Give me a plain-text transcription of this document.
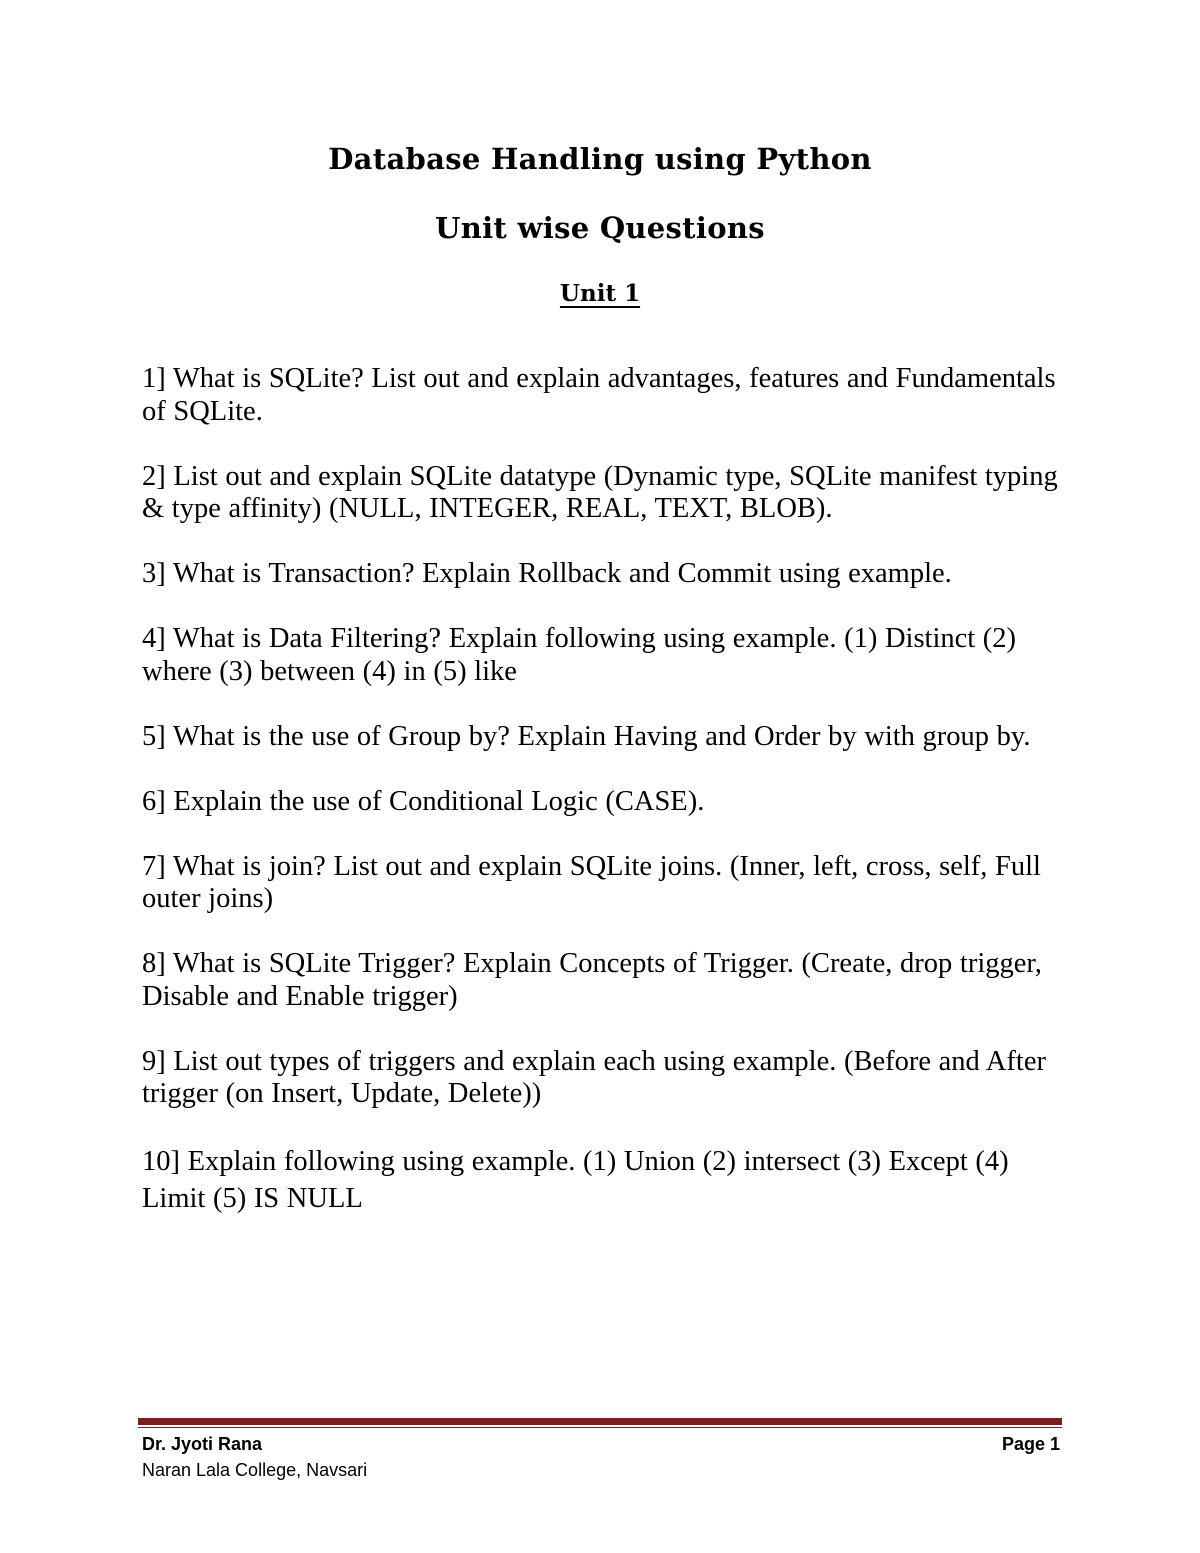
Database Handling using Python
Unit wise Questions
Unit 1
1] What is SQLite? List out and explain advantages, features and Fundamentals of SQLite.
2] List out and explain SQLite datatype (Dynamic type, SQLite manifest typing & type affinity) (NULL, INTEGER, REAL, TEXT, BLOB).
3] What is Transaction? Explain Rollback and Commit using example.
4] What is Data Filtering? Explain following using example. (1) Distinct (2) where (3) between (4) in (5) like
5] What is the use of Group by? Explain Having and Order by with group by.
6] Explain the use of Conditional Logic (CASE).
7] What is join? List out and explain SQLite joins. (Inner, left, cross, self, Full outer joins)
8] What is SQLite Trigger? Explain Concepts of Trigger. (Create, drop trigger, Disable and Enable trigger)
9] List out types of triggers and explain each using example. (Before and After trigger (on Insert, Update, Delete))
10] Explain following using example. (1) Union (2) intersect (3) Except (4) Limit (5) IS NULL
Dr. Jyoti Rana
Naran Lala College, Navsari
Page 1
